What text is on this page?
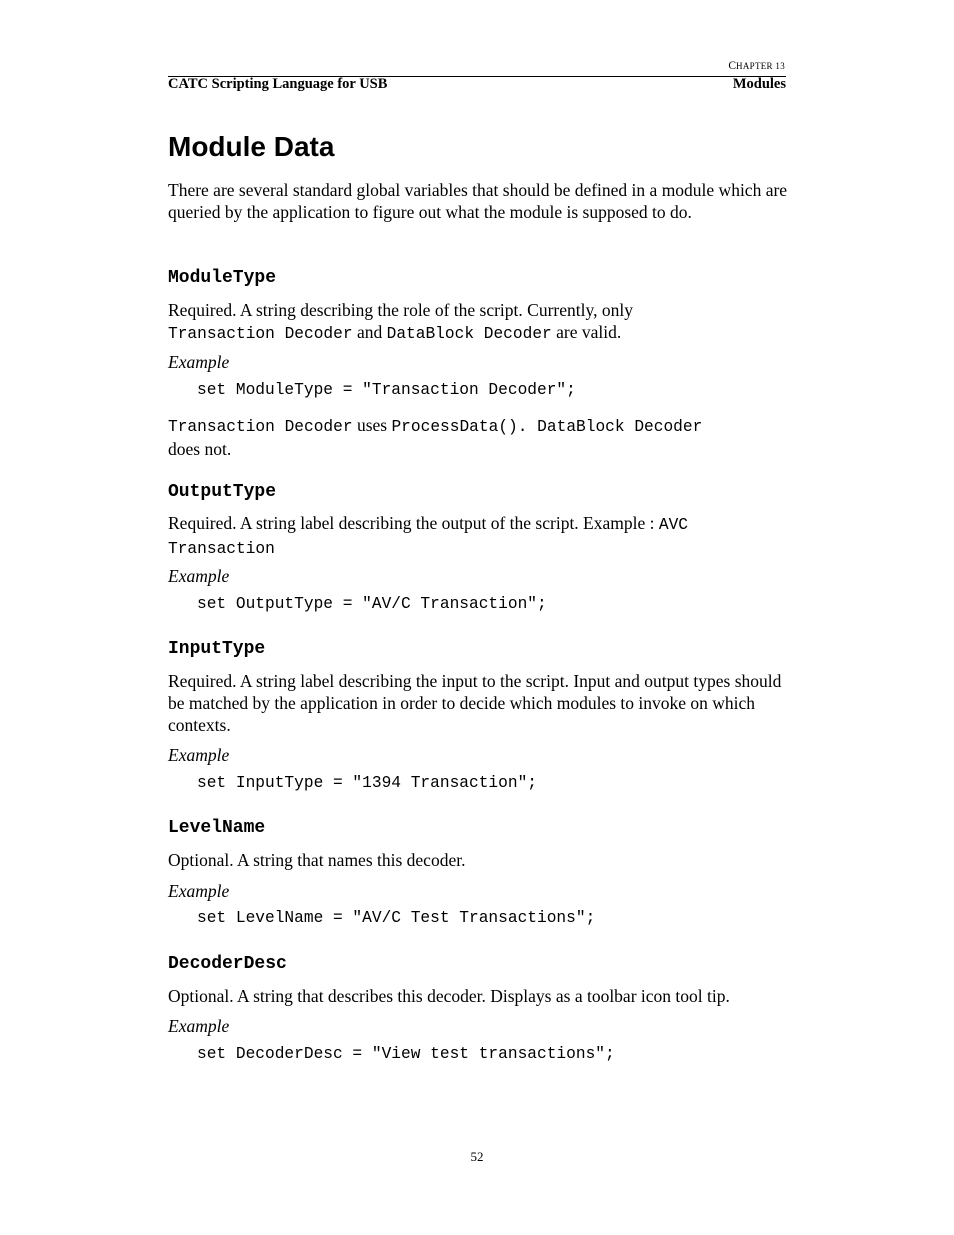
CHAPTER 13
CATC Scripting Language for USB	Modules
Module Data

There are several standard global variables that should be defined in a module which are queried by the application to figure out what the module is supposed to do.

ModuleType

Required. A string describing the role of the script. Currently, only
Transaction Decoder and DataBlock Decoder are valid.

Example
set ModuleType = "Transaction Decoder";

Transaction Decoder uses ProcessData(). DataBlock Decoder
does not.

OutputType

Required. A string label describing the output of the script. Example : AVC
Transaction

Example
set OutputType = "AV/C Transaction";
InputType

Required. A string label describing the input to the script. Input and output types should be matched by the application in order to decide which modules to invoke on which contexts.

Example
set InputType = "1394 Transaction";
LevelName

Optional. A string that names this decoder.

Example
set LevelName = "AV/C Test Transactions";
DecoderDesc

Optional. A string that describes this decoder. Displays as a toolbar icon tool tip.

Example
set DecoderDesc = "View test transactions";
52
